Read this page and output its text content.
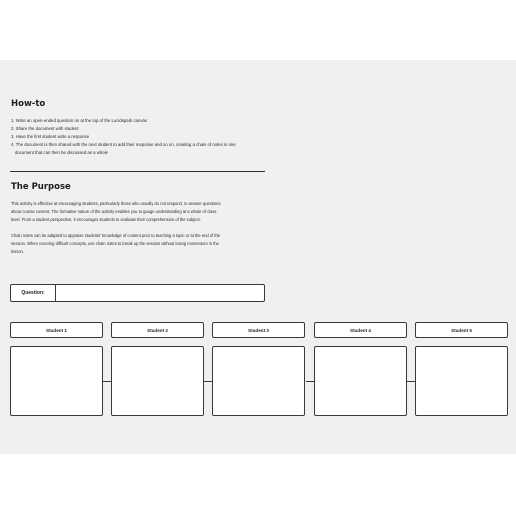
How-to
1. Write an open-ended question on at the top of the Lucidspark canvas
2. Share the document with student
3. Have the first student write a response
4. The document is then shared with the next student to add their response and so on, creating a chain of notes in one
document that can then be discussed as a whole
The Purpose
This activity is effective at encouraging students, particularly those who usually do not respond, to answer questions
about course content. The formative nature of the activity enables you to gauge understanding at a whole of class
level. From a student perspective, it encourages students to evaluate their comprehension of the subject.
Chain notes can be adapted to appraise students' knowledge of content prior to teaching a topic or at the end of the
session. When covering difficult concepts, use chain notes to break up the session without losing momentum in the
lesson.
Question:
Student 1	Student 2	Student 3	Student 4	Student 5
